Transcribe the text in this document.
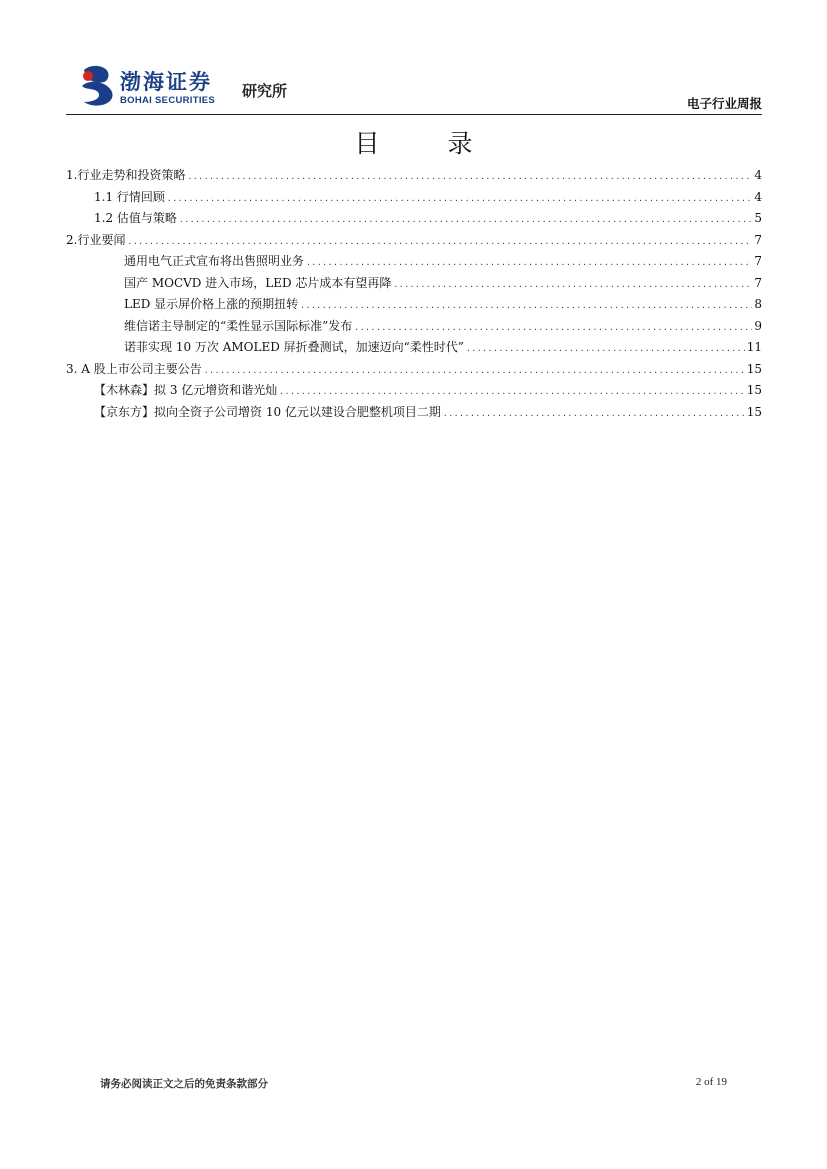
渤海证券
BOHAI SECURITIES
研究所
电子行业周报
目 录
1.行业走势和投资策略 .....	4
1.1 行情回顾 .....	4
1.2 估值与策略 .....	5
2.行业要闻 .....	7
通用电气正式宣布将出售照明业务 .....	7
国产 MOCVD 进入市场，LED 芯片成本有望再降 .....	7
LED 显示屏价格上涨的预期扭转 .....	8
维信诺主导制定的“柔性显示国际标准”发布 .....	9
诺菲实现 10 万次 AMOLED 屏折叠测试，加速迈向“柔性时代” .....	11
3. A 股上市公司主要公告 .....	15
【木林森】拟 3 亿元增资和谐光灿 .....	15
【京东方】拟向全资子公司增资 10 亿元以建设合肥整机项目二期 .....	15
请务必阅读正文之后的免责条款部分	2 of 19
